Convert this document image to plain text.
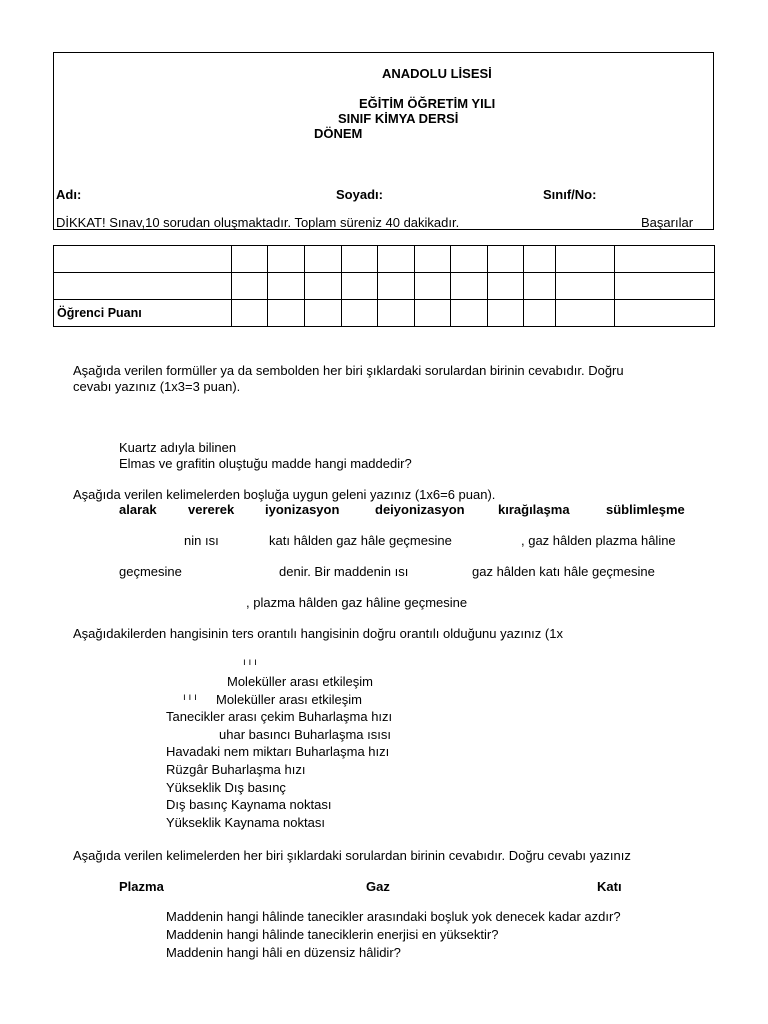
ANADOLU LİSESİ
EĞİTİM ÖĞRETİM YILI
SINIF KİMYA DERSİ
DÖNEM
Adı:	Soyadı:	Sınıf/No:
DİKKAT! Sınav,10 sorudan oluşmaktadır. Toplam süreniz 40 dakikadır.	Başarılar

Öğrenci Puanı											
Aşağıda verilen formüller ya da sembolden her biri şıklardaki sorulardan birinin cevabıdır. Doğru
cevabı yazınız (1x3=3 puan).
Kuartz adıyla bilinen
Elmas ve grafitin oluştuğu madde hangi maddedir?
Aşağıda verilen kelimelerden boşluğa uygun geleni yazınız (1x6=6 puan).
alarak vererek iyonizasyon	deiyonizasyon	kırağılaşma	süblimleşme
nin ısı	katı hâlden gaz hâle geçmesine	, gaz hâlden plazma hâline
geçmesine	denir. Bir maddenin ısı	gaz hâlden katı hâle geçmesine
, plazma hâlden gaz hâline geçmesine
Aşağıdakilerden hangisinin ters orantılı hangisinin doğru orantılı olduğunu yazınız (1x
ı ı ı
Moleküller arası etkileşim
ı ı ı Moleküller arası etkileşim
Tanecikler arası çekim Buharlaşma hızı
uhar basıncı Buharlaşma ısısı
Havadaki nem miktarı Buharlaşma hızı
Rüzgâr Buharlaşma hızı
Yükseklik Dış basınç
Dış basınç Kaynama noktası
Yükseklik Kaynama noktası
Aşağıda verilen kelimelerden her biri şıklardaki sorulardan birinin cevabıdır. Doğru cevabı yazınız
Plazma	Gaz	Katı
Maddenin hangi hâlinde tanecikler arasındaki boşluk yok denecek kadar azdır?
Maddenin hangi hâlinde taneciklerin enerjisi en yüksektir?
Maddenin hangi hâli en düzensiz hâlidir?
